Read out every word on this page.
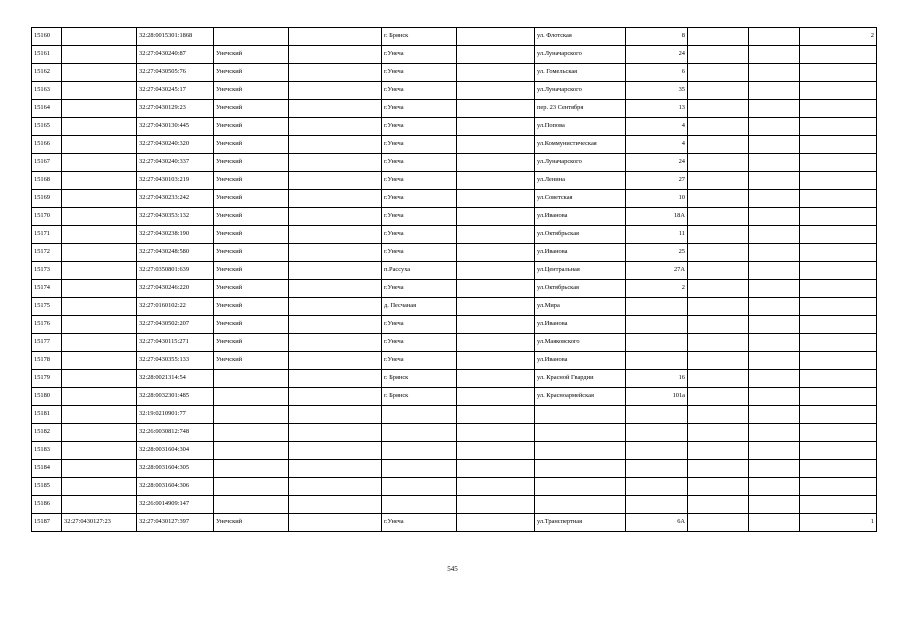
15160		32:28:0015301:1868			г. Брянск		ул. Флотская	8			2
15161		32:27:0430240:87	Унечский		г.Унеча		ул.Луначарского	24			
15162		32:27:0430505:76	Унечский		г.Унеча		ул. Гомельская	6			
15163		32:27:0430245:17	Унечский		г.Унеча		ул.Луначарского	35			
15164		32:27:0430129:23	Унечский		г.Унеча		пер. 23 Сентября	13			
15165		32:27:0430130:445	Унечский		г.Унеча		ул.Попова	4			
15166		32:27:0430240:320	Унечский		г.Унеча		ул.Коммунистическая	4			
15167		32:27:0430240:337	Унечский		г.Унеча		ул.Луначарского	24			
15168		32:27:0430103:219	Унечский		г.Унеча		ул.Ленина	27			
15169		32:27:0430233:242	Унечский		г.Унеча		ул.Советская	10			
15170		32:27:0430353:132	Унечский		г.Унеча		ул.Иванова	18А			
15171		32:27:0430238:190	Унечский		г.Унеча		ул.Октябрьская	11			
15172		32:27:0430248:580	Унечский		г.Унеча		ул.Иванова	25			
15173		32:27:0350801:639	Унечский		п.Рассуха		ул.Центральная	27А			
15174		32:27:0430246:220	Унечский		г.Унеча		ул.Октябрьская	2			
15175		32:27:0160102:22	Унечский		д. Песчаная		ул.Мира				
15176		32:27:0430502:207	Унечский		г.Унеча		ул.Иванова				
15177		32:27:0430115:271	Унечский		г.Унеча		ул.Маяковского				
15178		32:27:0430355:133	Унечский		г.Унеча		ул.Иванова				
15179		32:28:0021314:54			г. Брянск		ул. Красной Гвардии	16			
15180		32:28:0032301:485			г. Брянск		ул. Красноармейская	101а			
15181		32:19:0210901:77									
15182		32:26:0030812:748									
15183		32:28:0031604:304									
15184		32:28:0031604:305									
15185		32:28:0031604:306									
15186		32:26:0014909:147									
15187	32:27:0430127:23	32:27:0430127:397	Унечский		г.Унеча		ул.Транспертная	6А			1
545
